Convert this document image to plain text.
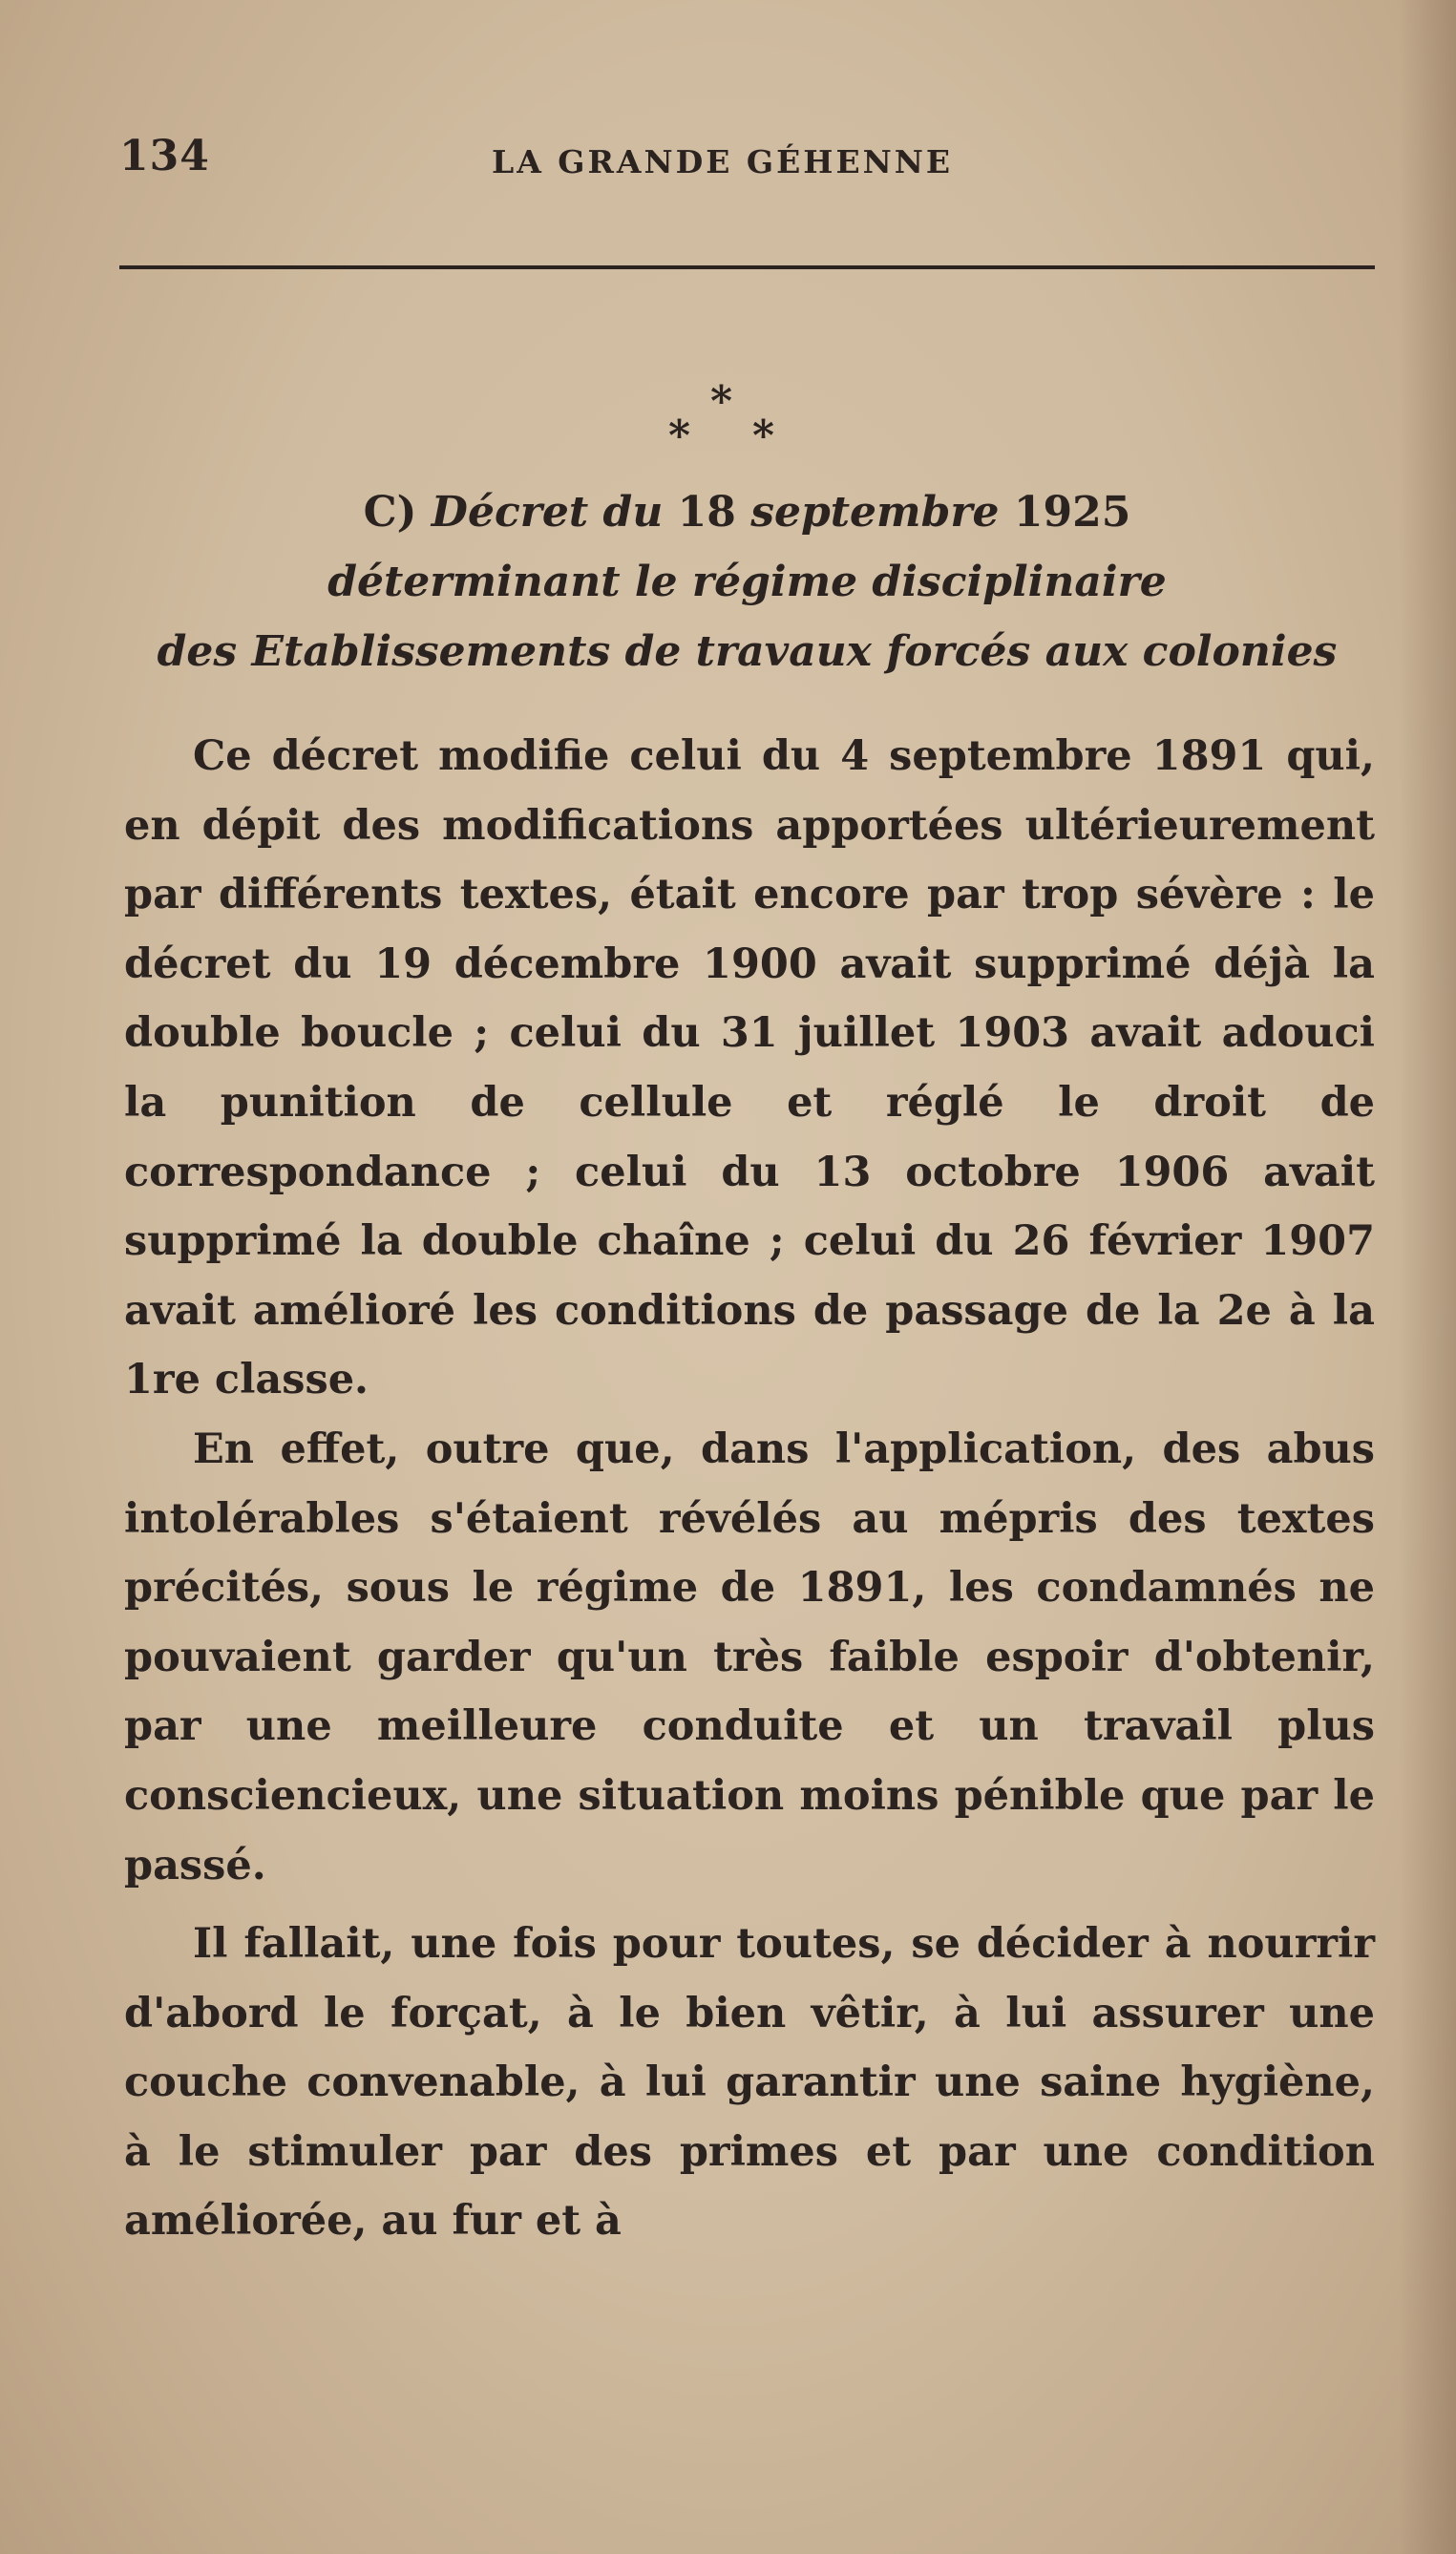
134	LA GRANDE GÉHENNE
*
*
*
C) Décret du 18 septembre 1925
déterminant le régime disciplinaire
des Etablissements de travaux forcés aux colonies

Ce décret modifie celui du 4 septembre 1891 qui, en dépit des modifications apportées ultérieurement par différents textes, était encore par trop sévère : le décret du 19 décembre 1900 avait supprimé déjà la double boucle ; celui du 31 juillet 1903 avait adouci la punition de cellule et réglé le droit de correspondance ; celui du 13 octobre 1906 avait supprimé la double chaîne ; celui du 26 février 1907 avait amélioré les conditions de passage de la 2e à la 1re classe.

En effet, outre que, dans l'application, des abus intolérables s'étaient révélés au mépris des textes précités, sous le régime de 1891, les condamnés ne pouvaient garder qu'un très faible espoir d'obtenir, par une meilleure conduite et un travail plus consciencieux, une situation moins pénible que par le passé.

Il fallait, une fois pour toutes, se décider à nourrir d'abord le forçat, à le bien vêtir, à lui assurer une couche convenable, à lui garantir une saine hygiène, à le stimuler par des primes et par une condition améliorée, au fur et à
